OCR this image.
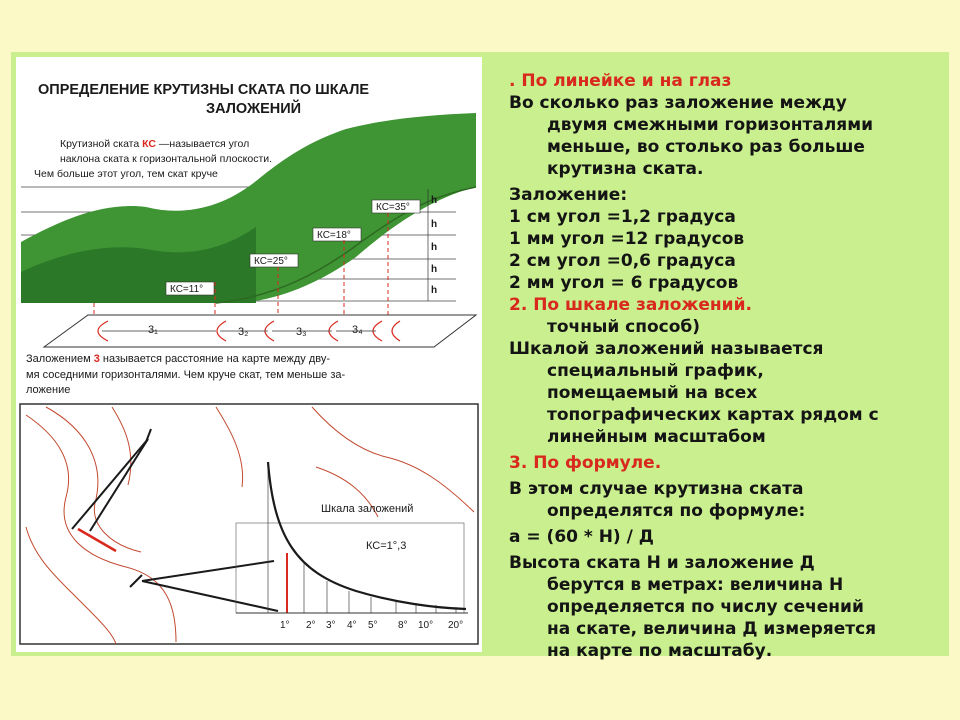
ОПРЕДЕЛЕНИЕ КРУТИЗНЫ СКАТА ПО ШКАЛЕ
ЗАЛОЖЕНИЙ
Крутизной ската КС —называется угол
наклона ската к горизонтальной плоскости.
Чем больше этот угол, тем скат круче
КС=11°
КС=25°
КС=18°
КС=35°
h
h
h
h
h
3₁	3₂	3₃	3₄
Заложением 3 называется расстояние на карте между дву-
мя соседними горизонталями. Чем круче скат, тем меньше за-
ложение
Шкала заложений
КС=1°,3
1° 2° 3° 4° 5° 8° 10° 20°

. По линейке и на глаз

Во сколько раз заложение между

двумя смежными горизонталями

меньше, во столько раз больше

крутизна ската.

Заложение:

1 см угол =1,2 градуса

1 мм угол =12 градусов

2 см угол =0,6 градуса

2 мм угол = 6 градусов

2. По шкале заложений.

точный способ)

Шкалой заложений называется

специальный график,

помещаемый на всех

топографических картах рядом с

линейным масштабом

3. По формуле.

В этом случае крутизна ската

определятся по формуле:

a = (60 * Н) / Д

Высота ската Н и заложение Д

берутся в метрах: величина Н

определяется по числу сечений

на скате, величина Д измеряется

на карте по масштабу.
